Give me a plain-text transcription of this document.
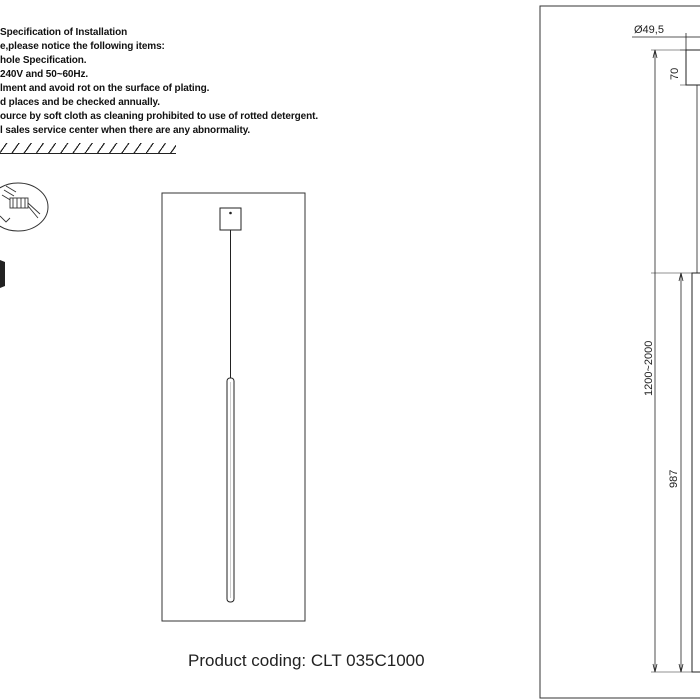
Specification of Installation
e,please notice the following items:
hole Specification.
240V and 50~60Hz.
lment and avoid rot on the surface of plating.
d places and be checked annually.
ource by soft cloth as cleaning prohibited to use of rotted detergent.
l sales service center when there are any abnormality.
Ø49,5
70
1200~2000
987
Product coding: CLT 035C1000
